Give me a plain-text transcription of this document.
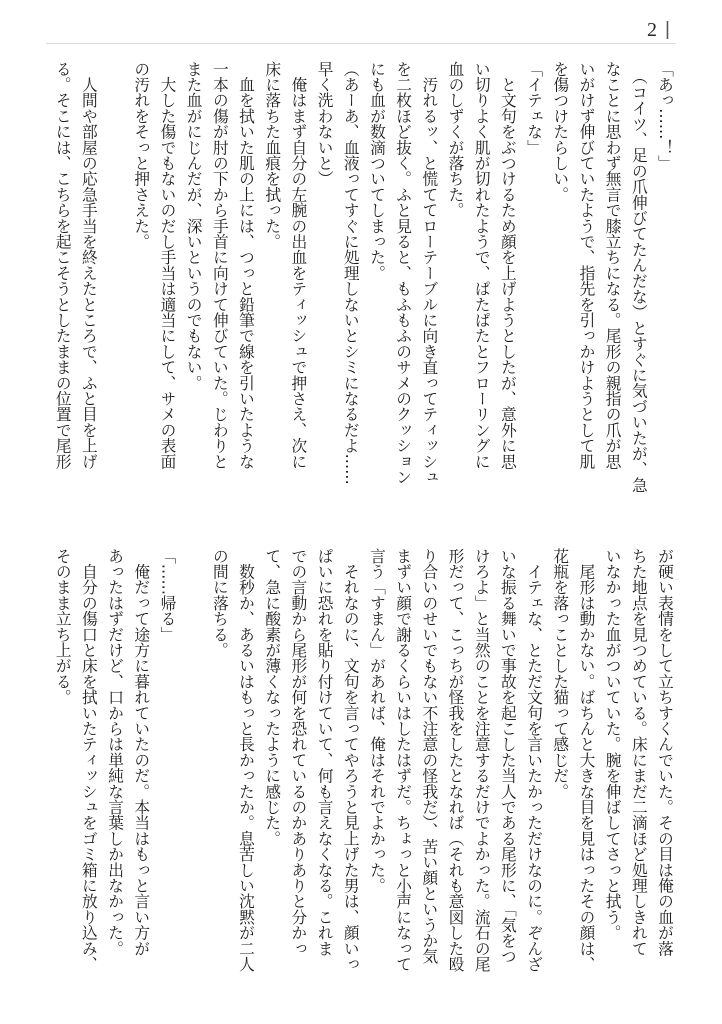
2 |
「あっ……！」
　（コイツ、足の爪伸びてたんだな）とすぐに気づいたが、急
なことに思わず無言で膝立ちになる。尾形の親指の爪が思
いがけず伸びていたようで、指先を引っかけようとして肌
を傷つけたらしい。
「イテェな」
　と文句をぶつけるため顔を上げようとしたが、意外に思
い切りよく肌が切れたようで、ぱたぱたとフローリングに
血のしずくが落ちた。
　汚れるッ、と慌ててローテーブルに向き直ってティッシュ
を二枚ほど抜く。ふと見ると、もふもふのサメのクッション
にも血が数滴ついてしまった。
（あーあ、血液ってすぐに処理しないとシミになるだよ……
早く洗わないと）
　俺はまず自分の左腕の出血をティッシュで押さえ、次に
床に落ちた血痕を拭った。
　血を拭いた肌の上には、つっと鉛筆で線を引いたような
一本の傷が肘の下から手首に向けて伸びていた。じわりと
また血がにじんだが、深いというのでもない。
　大した傷でもないのだし手当は適当にして、サメの表面
の汚れをそっと押さえた。
　人間や部屋の応急手当を終えたところで、ふと目を上げ
る。そこには、こちらを起こそうとしたままの位置で尾形
が硬い表情をして立ちすくんでいた。その目は俺の血が落
ちた地点を見つめている。床にまだ二滴ほど処理しきれて
いなかった血がついていた。腕を伸ばしてさっと拭う。
　尾形は動かない。ばちんと大きな目を見はったその顔は、
花瓶を落っことした猫って感じだ。
　イテェな、とただ文句を言いたかっただけなのに。ぞんざ
いな振る舞いで事故を起こした当人である尾形に、「気をつ
けろよ」と当然のことを注意するだけでよかった。流石の尾
形だって、こっちが怪我をしたとなれば（それも意図した殴
り合いのせいでもない不注意の怪我だ）、苦い顔というか気
まずい顔で謝るくらいはしたはずだ。ちょっと小声になって
言う「すまん」があれば、俺はそれでよかった。
　それなのに、文句を言ってやろうと見上げた男は、顔いっ
ぱいに恐れを貼り付けていて、何も言えなくなる。これま
での言動から尾形が何を恐れているのかありありと分かっ
て、急に酸素が薄くなったように感じた。
　数秒か、あるいはもっと長かったか。息苦しい沈黙が二人
の間に落ちる。
「……帰る」
　俺だって途方に暮れていたのだ。本当はもっと言い方が
あったはずだけど、口からは単純な言葉しか出なかった。
　自分の傷口と床を拭いたティッシュをゴミ箱に放り込み、
そのまま立ち上がる。
